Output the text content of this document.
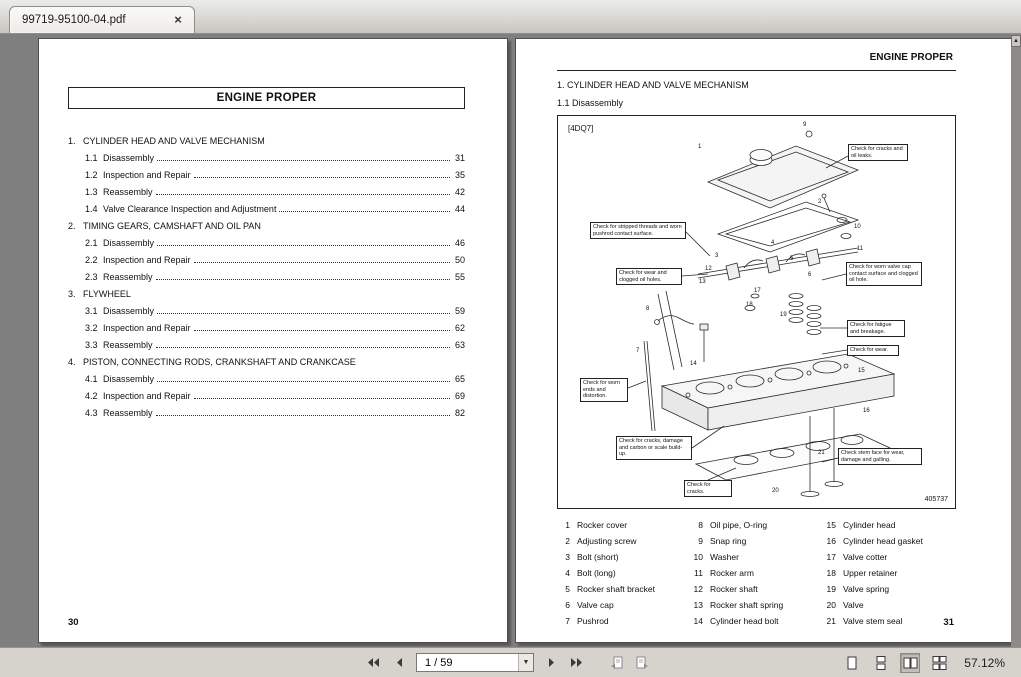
99719-95100-04.pdf	×
ENGINE PROPER
1. CYLINDER HEAD AND VALVE MECHANISM
1.1 Disassembly	31
1.2 Inspection and Repair	35
1.3 Reassembly	42
1.4 Valve Clearance Inspection and Adjustment	44
2. TIMING GEARS, CAMSHAFT AND OIL PAN
2.1 Disassembly	46
2.2 Inspection and Repair	50
2.3 Reassembly	55
3. FLYWHEEL
3.1 Disassembly	59
3.2 Inspection and Repair	62
3.3 Reassembly	63
4. PISTON, CONNECTING RODS, CRANKSHAFT AND CRANKCASE
4.1 Disassembly	65
4.2 Inspection and Repair	69
4.3 Reassembly	82
30
ENGINE PROPER
1. CYLINDER HEAD AND VALVE MECHANISM
1.1 Disassembly
[4DQ7]
Check for cracks and oil leaks.
Check for stripped threads and worn pushrod contact surface.
Check for wear and clogged oil holes.
Check for worn valve cap contact surface and clogged oil hole.
Check for fatigue and breakage.
Check for wear.
Check for worn ends and distortion.
Check for cracks, damage and carbon or scale build-up.
Check for cracks.
Check stem face for wear, damage and galling.
1
2
3
4
5
6
7
8
9
10
11
12
13
14
15
16
17
18
19
20
21
405737
1 Rocker cover
2 Adjusting screw
3 Bolt (short)
4 Bolt (long)
5 Rocker shaft bracket
6 Valve cap
7 Pushrod
8 Oil pipe, O-ring
9 Snap ring
10 Washer
11 Rocker arm
12 Rocker shaft
13 Rocker shaft spring
14 Cylinder head bolt
15 Cylinder head
16 Cylinder head gasket
17 Valve cotter
18 Upper retainer
19 Valve spring
20 Valve
21 Valve stem seal	31
▲
1 / 59	▼	57.12%
